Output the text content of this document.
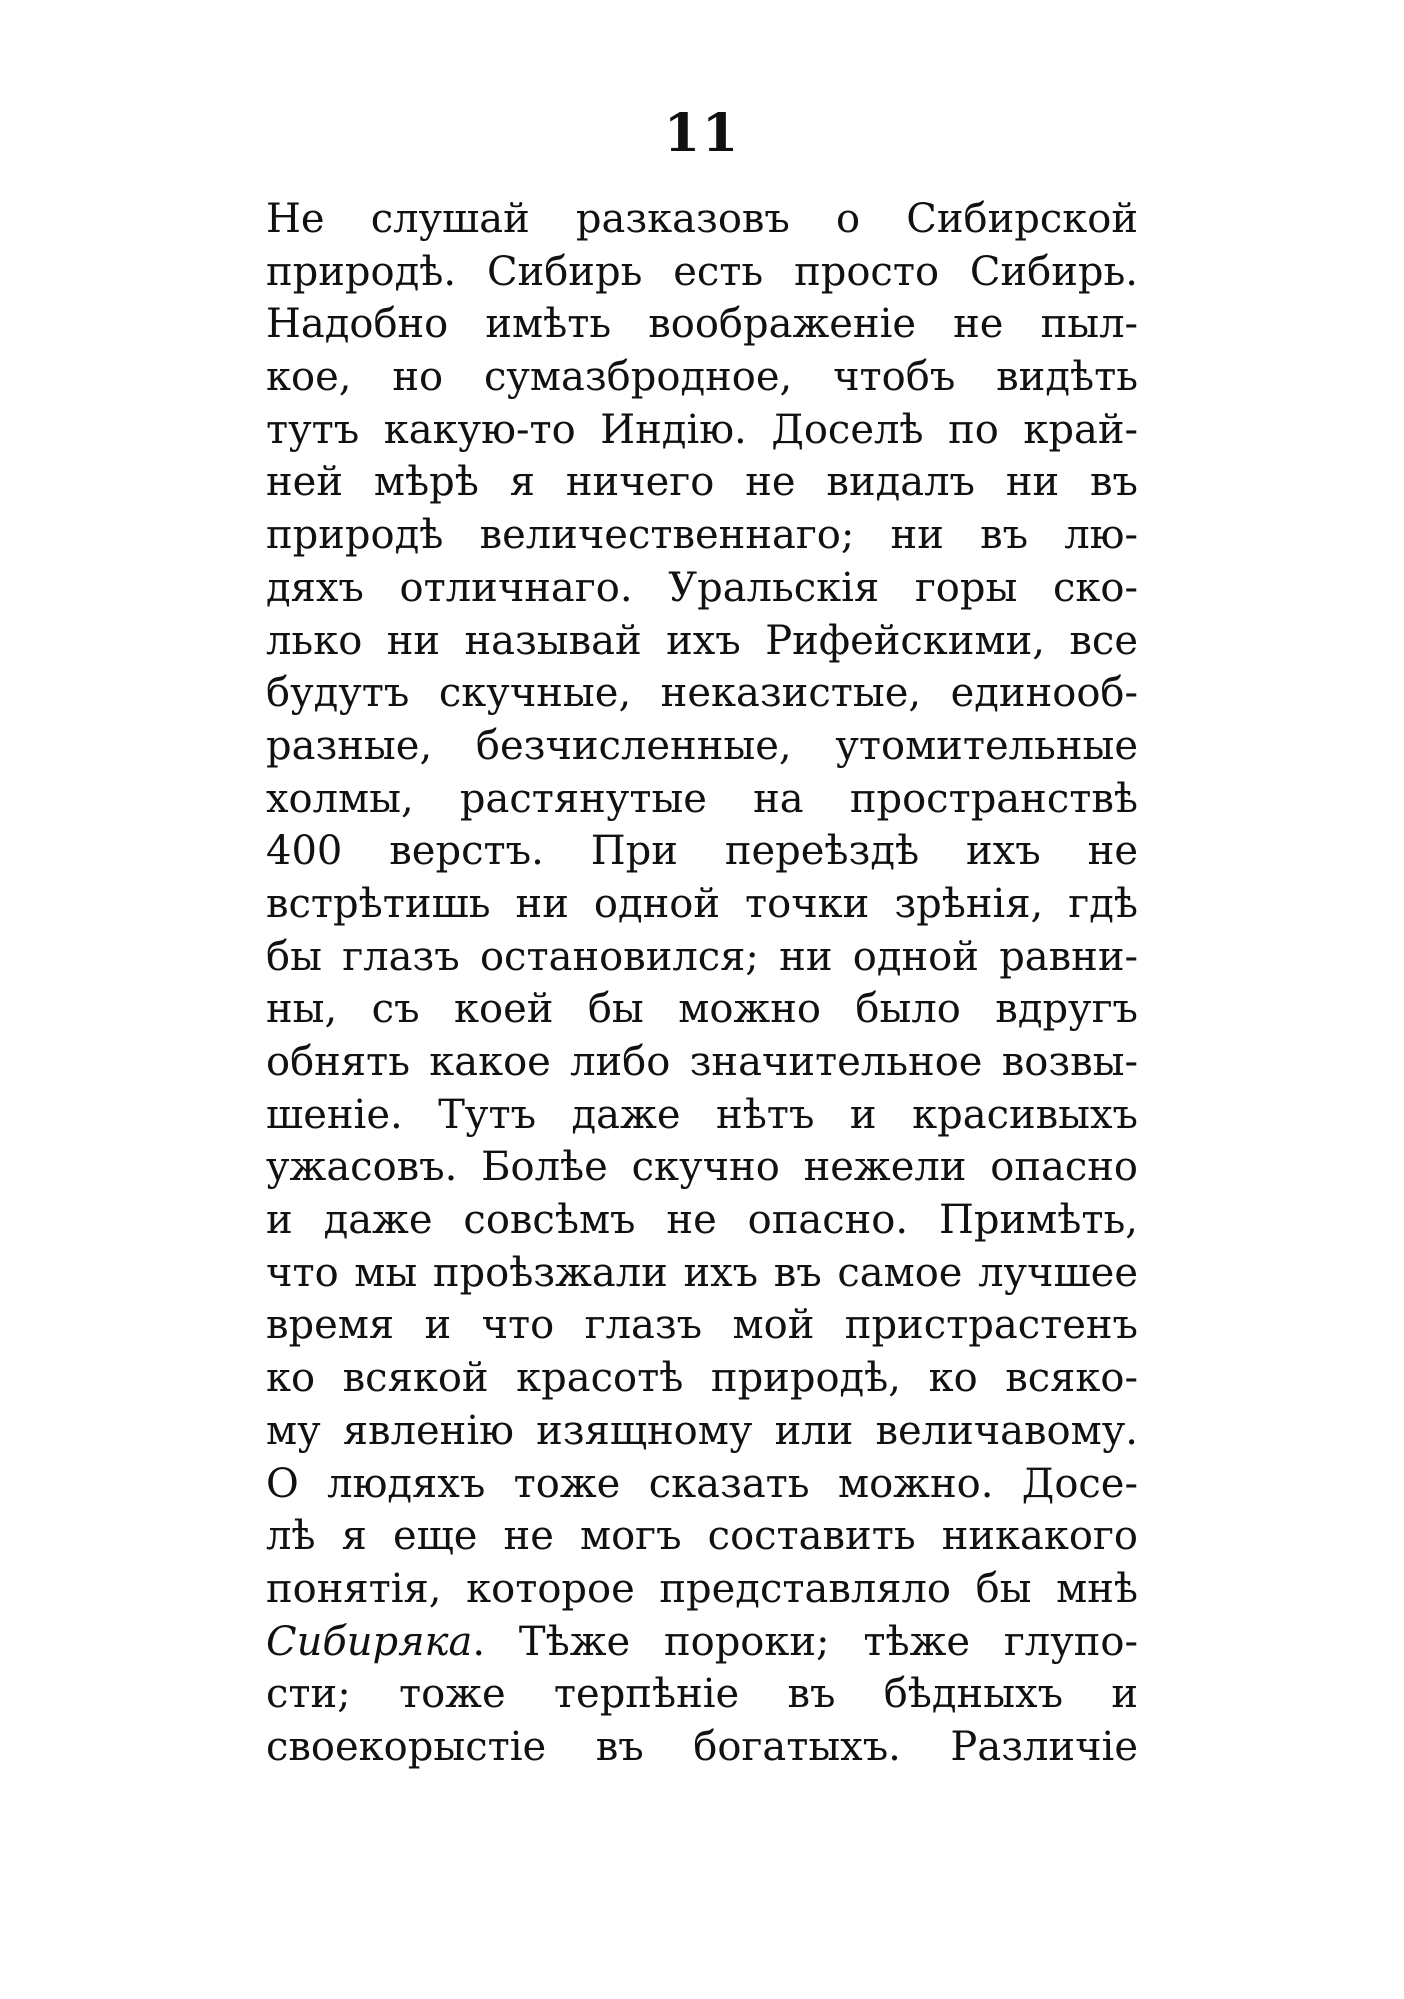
11
Не слушай разказовъ о Сибирской
природѣ. Сибирь есть просто Сибирь.
Надобно имѣть воображеніе не пыл-
кое, но сумазбродное, чтобъ видѣть
тутъ какую-то Индію. Доселѣ по край-
ней мѣрѣ я ничего не видалъ ни въ
природѣ величественнаго; ни въ лю-
дяхъ отличнаго. Уральскія горы ско-
лько ни называй ихъ Рифейскими, все
будутъ скучные, неказистые, единооб-
разные, безчисленные, утомительные
холмы, растянутые на пространствѣ
400 верстъ. При переѣздѣ ихъ не
встрѣтишь ни одной точки зрѣнія, гдѣ
бы глазъ остановился; ни одной равни-
ны, съ коей бы можно было вдругъ
обнять какое либо значительное возвы-
шеніе. Тутъ даже нѣтъ и красивыхъ
ужасовъ. Болѣе скучно нежели опасно
и даже совсѣмъ не опасно. Примѣть,
что мы проѣзжали ихъ въ самое лучшее
время и что глазъ мой пристрастенъ
ко всякой красотѣ природѣ, ко всяко-
му явленію изящному или величавому.
О людяхъ тоже сказать можно. Досе-
лѣ я еще не могъ составить никакого
понятія, которое представляло бы мнѣ
Сибиряка. Тѣже пороки; тѣже глупо-
сти; тоже терпѣніе въ бѣдныхъ и
своекорыстіе въ богатыхъ. Различіе
